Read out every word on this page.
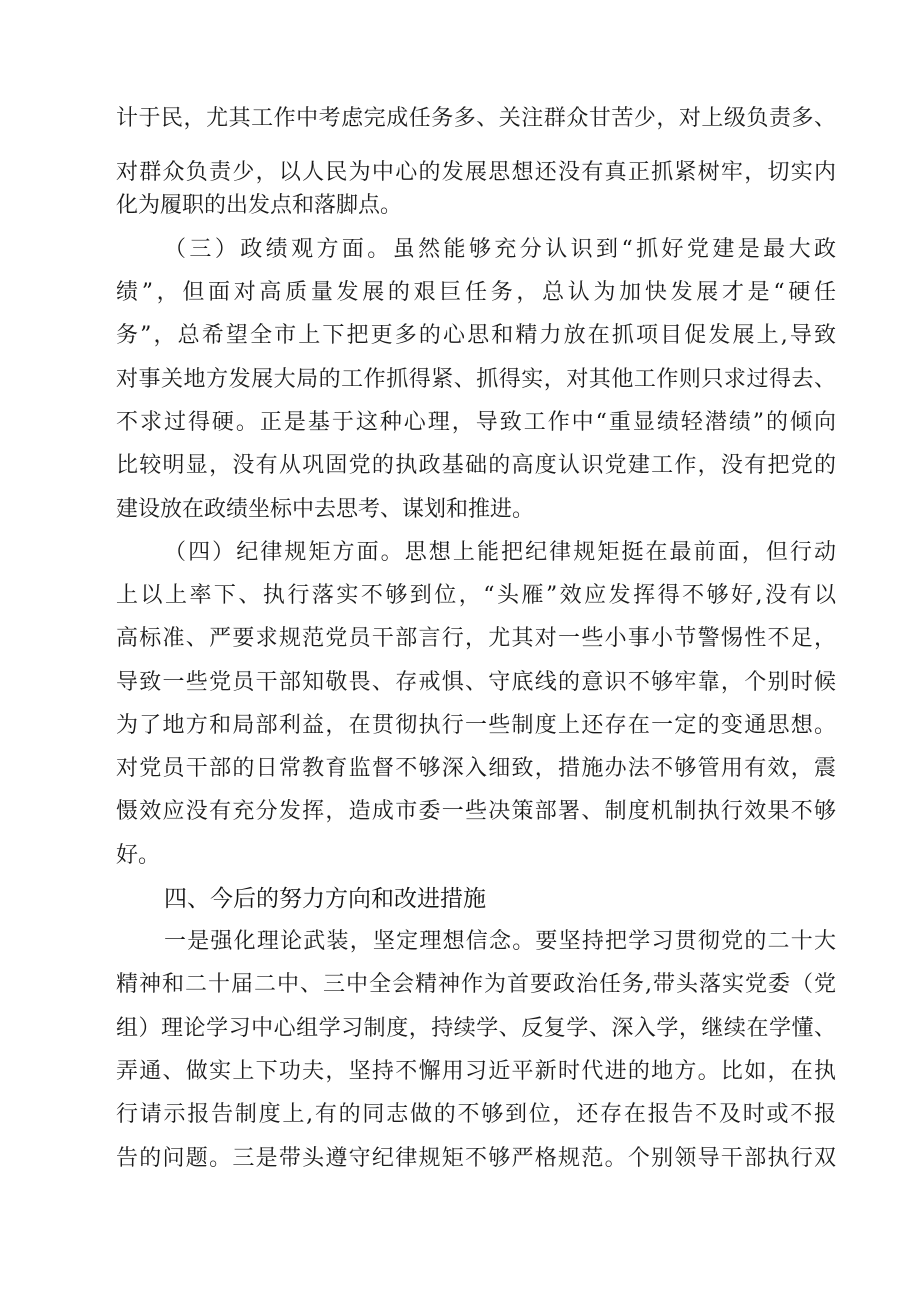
计于民，尤其工作中考虑完成任务多、关注群众甘苦少，对上级负责多、
对群众负责少，以人民为中心的发展思想还没有真正抓紧树牢，切实内
化为履职的出发点和落脚点。
（三）政绩观方面。虽然能够充分认识到“抓好党建是最大政
绩”，但面对高质量发展的艰巨任务，总认为加快发展才是“硬任
务”，总希望全市上下把更多的心思和精力放在抓项目促发展上,导致
对事关地方发展大局的工作抓得紧、抓得实，对其他工作则只求过得去、
不求过得硬。正是基于这种心理，导致工作中“重显绩轻潜绩”的倾向
比较明显，没有从巩固党的执政基础的高度认识党建工作，没有把党的
建设放在政绩坐标中去思考、谋划和推进。
（四）纪律规矩方面。思想上能把纪律规矩挺在最前面，但行动
上以上率下、执行落实不够到位，“头雁”效应发挥得不够好,没有以
高标准、严要求规范党员干部言行，尤其对一些小事小节警惕性不足，
导致一些党员干部知敬畏、存戒惧、守底线的意识不够牢靠，个别时候
为了地方和局部利益，在贯彻执行一些制度上还存在一定的变通思想。
对党员干部的日常教育监督不够深入细致，措施办法不够管用有效，震
慑效应没有充分发挥，造成市委一些决策部署、制度机制执行效果不够
好。
四、今后的努力方向和改进措施
一是强化理论武装，坚定理想信念。要坚持把学习贯彻党的二十大
精神和二十届二中、三中全会精神作为首要政治任务,带头落实党委（党
组）理论学习中心组学习制度，持续学、反复学、深入学，继续在学懂、
弄通、做实上下功夫，坚持不懈用习近平新时代进的地方。比如，在执
行请示报告制度上,有的同志做的不够到位，还存在报告不及时或不报
告的问题。三是带头遵守纪律规矩不够严格规范。个别领导干部执行双
